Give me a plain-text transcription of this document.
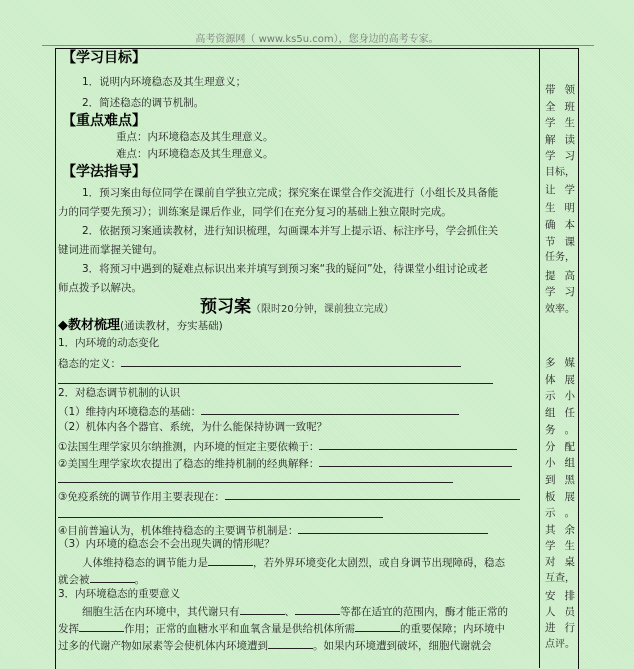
高考资源网（ www.ks5u.com），您身边的高考专家。
【学习目标】
1．说明内环境稳态及其生理意义；
2．简述稳态的调节机制。
【重点难点】
重点：内环境稳态及其生理意义。
难点：内环境稳态及其生理意义。
【学法指导】
1．预习案由每位同学在课前自学独立完成；探究案在课堂合作交流进行（小组长及具备能
力的同学要先预习）；训练案是课后作业，同学们在充分复习的基础上独立限时完成。
2．依据预习案通读教材，进行知识梳理，勾画课本并写上提示语、标注序号，学会抓住关
键词进而掌握关键句。
3．将预习中遇到的疑难点标识出来并填写到预习案“我的疑问”处，待课堂小组讨论或老
师点拨予以解决。
预习案（限时20分钟，课前独立完成）
◆教材梳理(通读教材，夯实基础)
1．内环境的动态变化
稳态的定义：
2．对稳态调节机制的认识
（1）维持内环境稳态的基础：
（2）机体内各个器官、系统，为什么能保持协调一致呢？
①法国生理学家贝尔纳推测，内环境的恒定主要依赖于：
②美国生理学家坎农提出了稳态的维持机制的经典解释：
③免疫系统的调节作用主要表现在：
④目前普遍认为，机体维持稳态的主要调节机制是：
（3）内环境的稳态会不会出现失调的情形呢？
人体维持稳态的调节能力是	，若外界环境变化太剧烈，或自身调节出现障碍，稳态
就会被	。
3．内环境稳态的重要意义
细胞生活在内环境中，其代谢只有	、	等都在适宜的范围内，酶才能正常的
发挥	作用；正常的血糖水平和血氧含量是供给机体所需	的重要保障；内环境中
过多的代谢产物如尿素等会使机体内环境遭到	。如果内环境遭到破坏，细胞代谢就会
带领
全班
学生
解读
学习
目标，
让学
生明
确本
节课
任务，
提高
学习
效率。
多媒
体展
示小
组任
务。
分配
小组
到黑
板展
示。
其余
学生
对桌
互查，
安排
人员
进行
点评。
